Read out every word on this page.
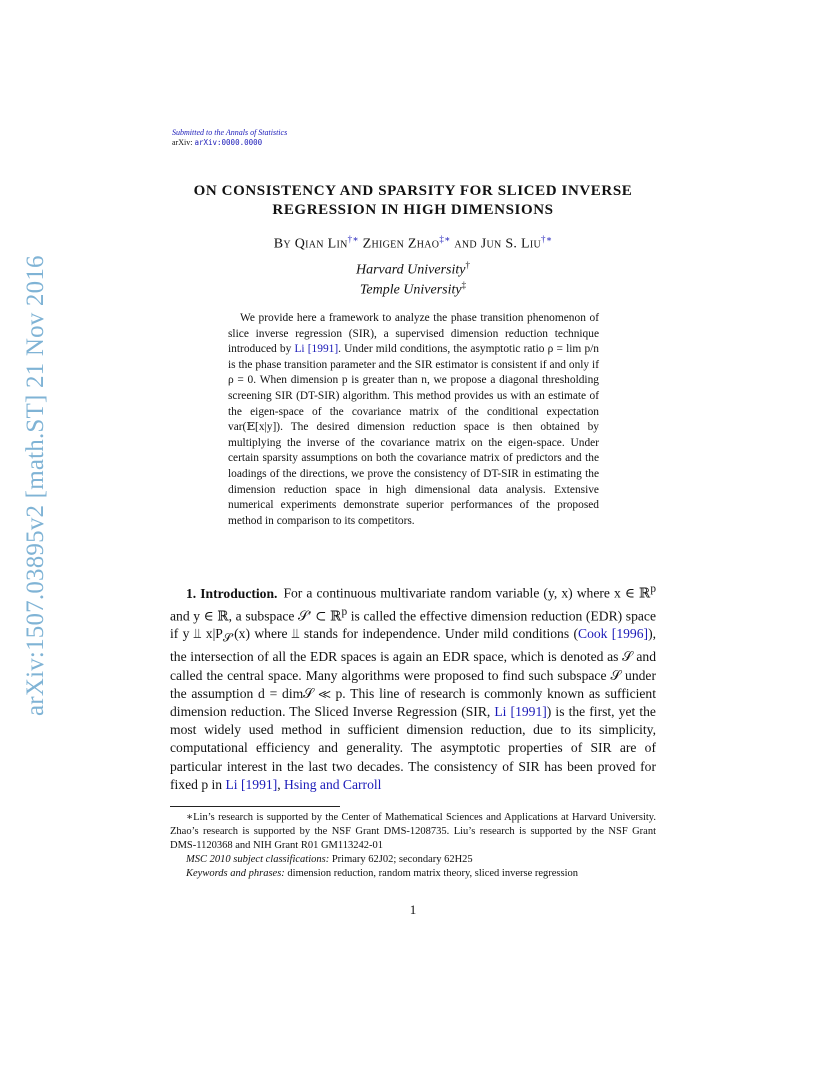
Submitted to the Annals of Statistics
arXiv: arXiv:0000.0000
arXiv:1507.03895v2 [math.ST] 21 Nov 2016
ON CONSISTENCY AND SPARSITY FOR SLICED INVERSE REGRESSION IN HIGH DIMENSIONS
By Qian Lin†∗ Zhigen Zhao‡∗ and Jun S. Liu†∗
Harvard University†
Temple University‡
We provide here a framework to analyze the phase transition phenomenon of slice inverse regression (SIR), a supervised dimension reduction technique introduced by Li [1991]. Under mild conditions, the asymptotic ratio ρ = lim p/n is the phase transition parameter and the SIR estimator is consistent if and only if ρ = 0. When dimension p is greater than n, we propose a diagonal thresholding screening SIR (DT-SIR) algorithm. This method provides us with an estimate of the eigen-space of the covariance matrix of the conditional expectation var(𝔼[x|y]). The desired dimension reduction space is then obtained by multiplying the inverse of the covariance matrix on the eigen-space. Under certain sparsity assumptions on both the covariance matrix of predictors and the loadings of the directions, we prove the consistency of DT-SIR in estimating the dimension reduction space in high dimensional data analysis. Extensive numerical experiments demonstrate superior performances of the proposed method in comparison to its competitors.
1. Introduction. For a continuous multivariate random variable (y, x) where x ∈ ℝ$^p$ and y ∈ ℝ, a subspace 𝒮′ ⊂ ℝ$^p$ is called the effective dimension reduction (EDR) space if y ⫫ $x|P_{𝒮'}(x)$ where ⫫ stands for independence. Under mild conditions (Cook [1996]), the intersection of all the EDR spaces is again an EDR space, which is denoted as 𝒮 and called the central space. Many algorithms were proposed to find such subspace 𝒮 under the assumption d = dim𝒮 ≪ p. This line of research is commonly known as sufficient dimension reduction. The Sliced Inverse Regression (SIR, Li [1991]) is the first, yet the most widely used method in sufficient dimension reduction, due to its simplicity, computational efficiency and generality. The asymptotic properties of SIR are of particular interest in the last two decades. The consistency of SIR has been proved for fixed p in Li [1991], Hsing and Carroll
∗Lin’s research is supported by the Center of Mathematical Sciences and Applications at Harvard University. Zhao’s research is supported by the NSF Grant DMS-1208735. Liu’s research is supported by the NSF Grant DMS-1120368 and NIH Grant R01 GM113242-01
MSC 2010 subject classifications: Primary 62J02; secondary 62H25
Keywords and phrases: dimension reduction, random matrix theory, sliced inverse regression
1
